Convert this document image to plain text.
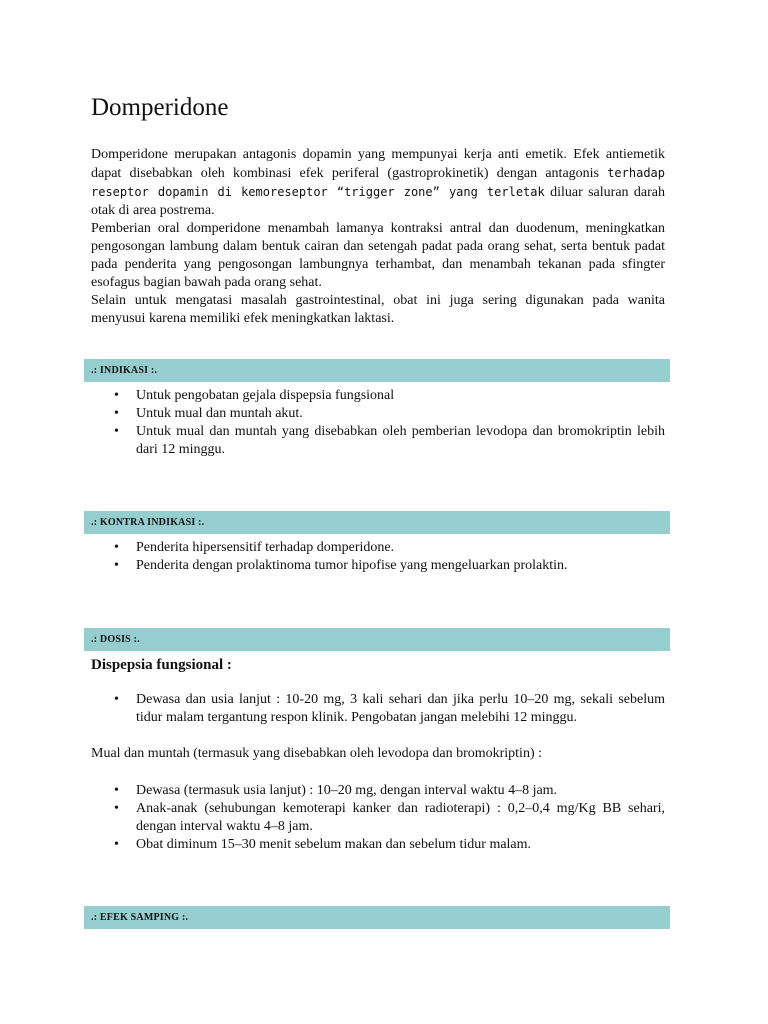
Domperidone

Domperidone merupakan antagonis dopamin yang mempunyai kerja anti emetik. Efek antiemetik dapat disebabkan oleh kombinasi efek periferal (gastroprokinetik) dengan antagonis terhadap reseptor dopamin di kemoreseptor “trigger zone” yang terletak diluar saluran darah otak di area postrema.

Pemberian oral domperidone menambah lamanya kontraksi antral dan duodenum, meningkatkan pengosongan lambung dalam bentuk cairan dan setengah padat pada orang sehat, serta bentuk padat pada penderita yang pengosongan lambungnya terhambat, dan menambah tekanan pada sfingter esofagus bagian bawah pada orang sehat.

Selain untuk mengatasi masalah gastrointestinal, obat ini juga sering digunakan pada wanita menyusui karena memiliki efek meningkatkan laktasi.

.: INDIKASI :.
• Untuk pengobatan gejala dispepsia fungsional
• Untuk mual dan muntah akut.
• Untuk mual dan muntah yang disebabkan oleh pemberian levodopa dan bromokriptin lebih dari 12 minggu.
.: KONTRA INDIKASI :.
• Penderita hipersensitif terhadap domperidone.
• Penderita dengan prolaktinoma tumor hipofise yang mengeluarkan prolaktin.
.: DOSIS :.

Dispepsia fungsional :

• Dewasa dan usia lanjut : 10-20 mg, 3 kali sehari dan jika perlu 10–20 mg, sekali sebelum tidur malam tergantung respon klinik. Pengobatan jangan melebihi 12 minggu.

Mual dan muntah (termasuk yang disebabkan oleh levodopa dan bromokriptin) :

• Dewasa (termasuk usia lanjut) : 10–20 mg, dengan interval waktu 4–8 jam.
• Anak-anak (sehubungan kemoterapi kanker dan radioterapi) : 0,2–0,4 mg/Kg BB sehari, dengan interval waktu 4–8 jam.
• Obat diminum 15–30 menit sebelum makan dan sebelum tidur malam.
.: EFEK SAMPING :.
